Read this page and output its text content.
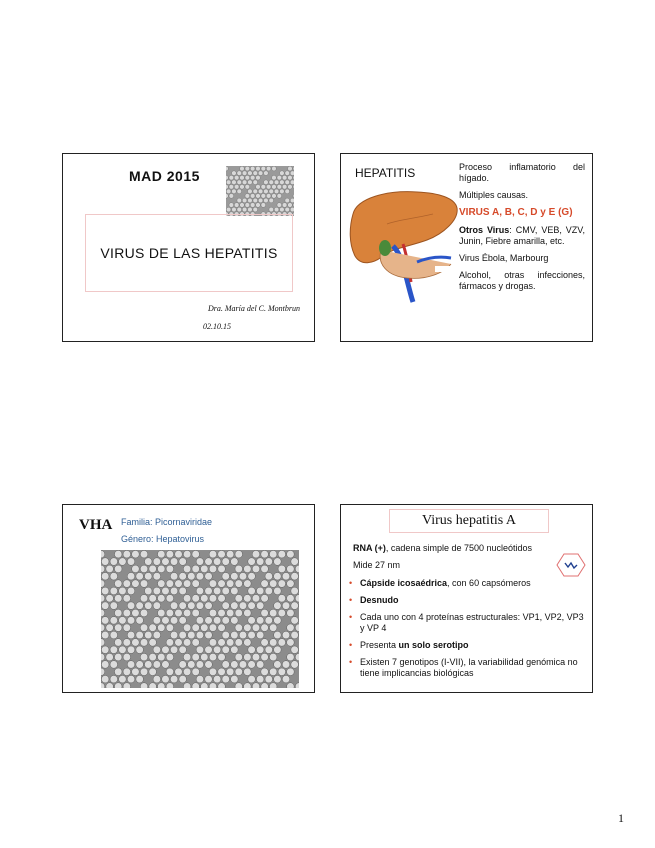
MAD 2015
VIRUS DE LAS HEPATITIS
Dra. María del C. Montbrun
02.10.15
HEPATITIS	Proceso inflamatorio del hígado.

Múltiples causas.

VIRUS A, B, C, D y E (G)

Otros Virus: CMV, VEB, VZV, Junin, Fiebre amarilla, etc.

Virus Ébola, Marbourg

Alcohol, otras infecciones, fármacos y drogas.

VHA Familia: Picornaviridae
Género: Hepatovirus
Virus hepatitis A
RNA (+), cadena simple de 7500 nucleótidos
Mide 27 nm
• Cápside icosaédrica, con 60 capsómeros
• Desnudo
• Cada uno con 4 proteínas estructurales: VP1, VP2, VP3 y VP 4
• Presenta un solo serotipo
• Existen 7 genotipos (I-VII), la variabilidad genómica no tiene implicancias biológicas
1
